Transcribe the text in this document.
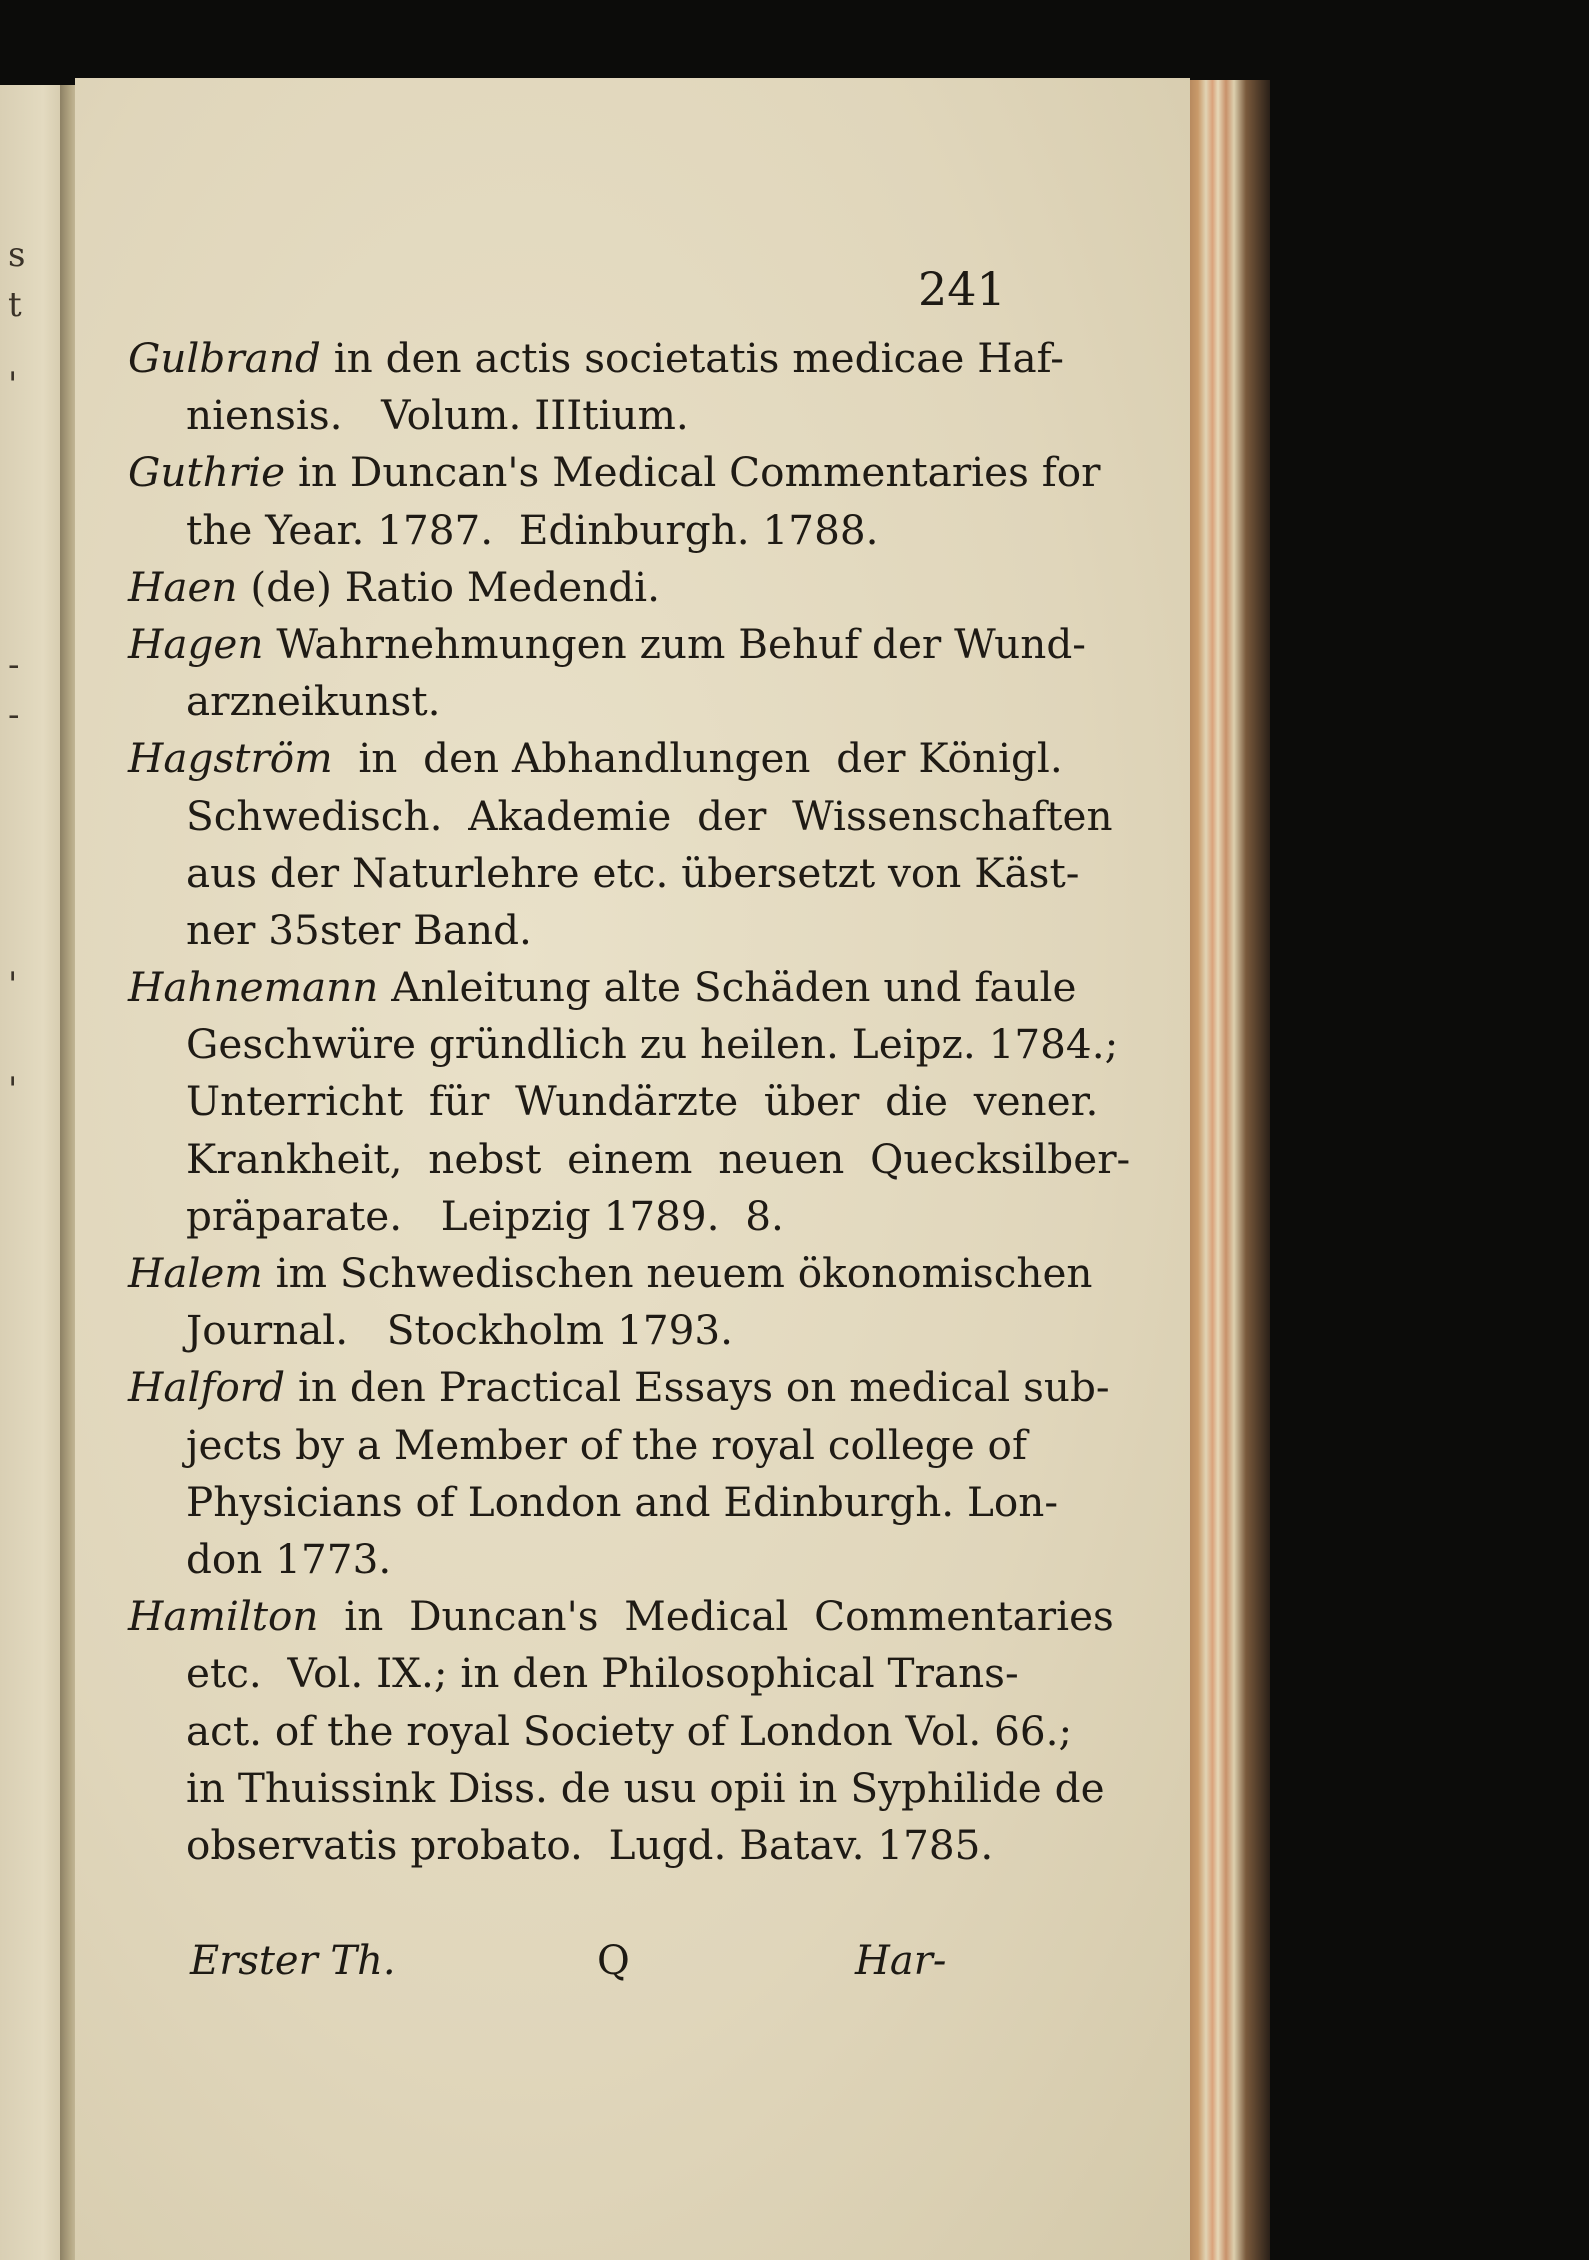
s
t
'
-
-
'
'
241
Gulbrand in den actis societatis medicae Haf-
niensis.   Volum. IIItium.
Guthrie in Duncan's Medical Commentaries for
the Year. 1787.  Edinburgh. 1788.
Haen (de) Ratio Medendi.
Hagen Wahrnehmungen zum Behuf der Wund-
arzneikunst.
Hagström  in  den Abhandlungen  der Königl.
Schwedisch.  Akademie  der  Wissenschaften
aus der Naturlehre etc. übersetzt von Käst-
ner 35ster Band.
Hahnemann Anleitung alte Schäden und faule
Geschwüre gründlich zu heilen. Leipz. 1784.;
Unterricht  für  Wundärzte  über  die  vener.
Krankheit,  nebst  einem  neuen  Quecksilber-
präparate.   Leipzig 1789.  8.
Halem im Schwedischen neuem ökonomischen
Journal.   Stockholm 1793.
Halford in den Practical Essays on medical sub-
jects by a Member of the royal college of
Physicians of London and Edinburgh. Lon-
don 1773.
Hamilton  in  Duncan's  Medical  Commentaries
etc.  Vol. IX.; in den Philosophical Trans-
act. of the royal Society of London Vol. 66.;
in Thuissink Diss. de usu opii in Syphilide de
observatis probato.  Lugd. Batav. 1785.
Erster Th.	Q	Har-
